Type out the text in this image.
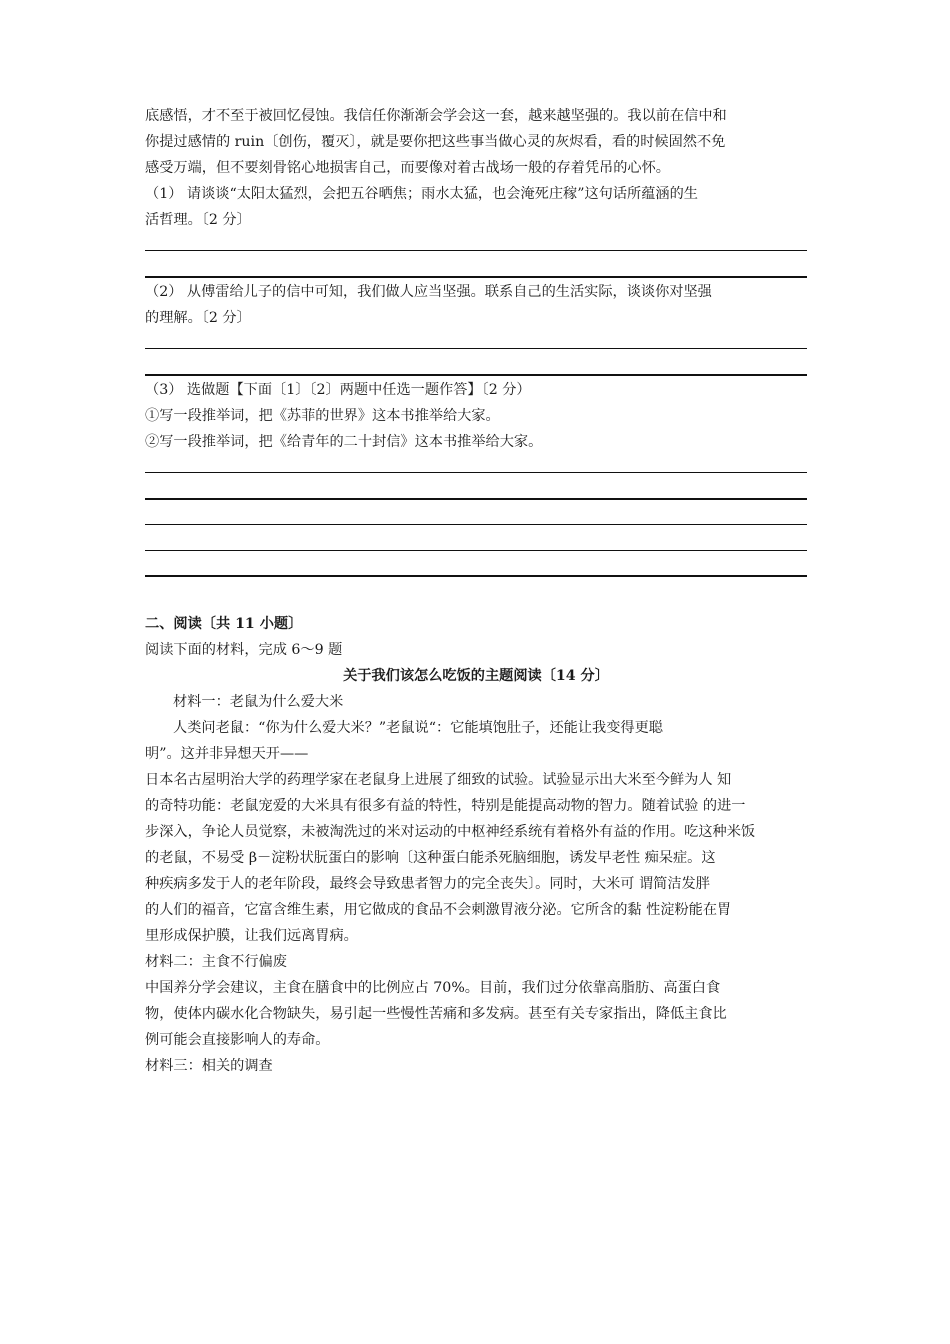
底感悟，才不至于被回忆侵蚀。我信任你渐渐会学会这一套，越来越坚强的。我以前在信中和
你提过感情的 ruin〔创伤，覆灭〕，就是要你把这些事当做心灵的灰烬看，看的时候固然不免
感受万端，但不要刻骨铭心地损害自己，而要像对着古战场一般的存着凭吊的心怀。
（1） 请谈谈“太阳太猛烈，会把五谷晒焦；雨水太猛，也会淹死庄稼”这句话所蕴涵的生
活哲理。〔2 分〕
（2） 从傅雷给儿子的信中可知，我们做人应当坚强。联系自己的生活实际，谈谈你对坚强
的理解。〔2 分〕
（3） 选做题【下面〔1〕〔2〕两题中任选一题作答】〔2 分）
①写一段推举词，把《苏菲的世界》这本书推举给大家。
②写一段推举词，把《给青年的二十封信》这本书推举给大家。
二、阅读〔共 11 小题〕
阅读下面的材料，完成 6～9 题
关于我们该怎么吃饭的主题阅读〔14 分〕
材料一：老鼠为什么爱大米
人类问老鼠：“你为什么爱大米？”老鼠说“：它能填饱肚子，还能让我变得更聪
明”。这并非异想天开——
日本名古屋明治大学的药理学家在老鼠身上进展了细致的试验。试验显示出大米至今鲜为人 知
的奇特功能：老鼠宠爱的大米具有很多有益的特性，特别是能提高动物的智力。随着试验 的进一
步深入，争论人员觉察，未被淘洗过的米对运动的中枢神经系统有着格外有益的作用。吃这种米饭
的老鼠，不易受 β－淀粉状朊蛋白的影响〔这种蛋白能杀死脑细胞，诱发早老性 痴呆症。这
种疾病多发于人的老年阶段，最终会导致患者智力的完全丧失〕。同时，大米可 谓简洁发胖
的人们的福音，它富含维生素，用它做成的食品不会刺激胃液分泌。它所含的黏 性淀粉能在胃
里形成保护膜，让我们远离胃病。
材料二：主食不行偏废
中国养分学会建议，主食在膳食中的比例应占 70%。目前，我们过分依靠高脂肪、高蛋白食
物，使体内碳水化合物缺失，易引起一些慢性苦痛和多发病。甚至有关专家指出，降低主食比
例可能会直接影响人的寿命。
材料三：相关的调查
